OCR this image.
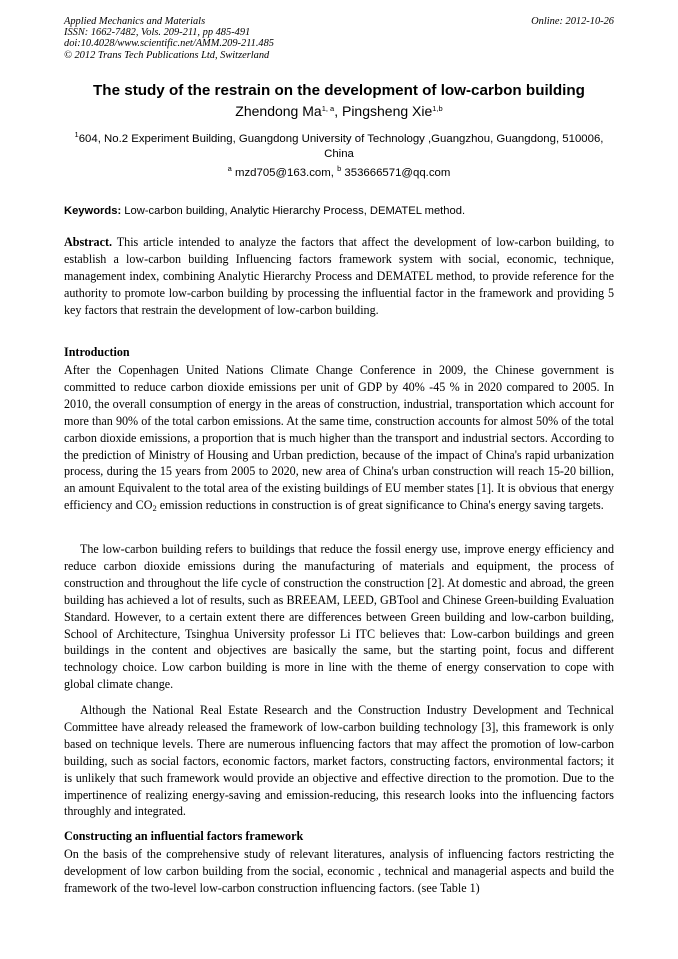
Applied Mechanics and Materials
ISSN: 1662-7482, Vols. 209-211, pp 485-491
doi:10.4028/www.scientific.net/AMM.209-211.485
© 2012 Trans Tech Publications Ltd, Switzerland
Online: 2012-10-26
The study of the restrain on the development of low-carbon building
Zhendong Ma$^{1, a}$, Pingsheng Xie$^{1,b}$
$^1$604, No.2 Experiment Building, Guangdong University of Technology ,Guangzhou, Guangdong, 510006, China
$^a$ mzd705@163.com, $^b$ 353666571@qq.com
Keywords: Low-carbon building, Analytic Hierarchy Process, DEMATEL method.

Abstract. This article intended to analyze the factors that affect the development of low-carbon building, to establish a low-carbon building Influencing factors framework system with social, economic, technique, management index, combining Analytic Hierarchy Process and DEMATEL method, to provide reference for the authority to promote low-carbon building by processing the influential factor in the framework and providing 5 key factors that restrain the development of low-carbon building.

Introduction

After the Copenhagen United Nations Climate Change Conference in 2009, the Chinese government is committed to reduce carbon dioxide emissions per unit of GDP by 40% -45 % in 2020 compared to 2005. In 2010, the overall consumption of energy in the areas of construction, industrial, transportation which account for more than 90% of the total carbon emissions. At the same time, construction accounts for almost 50% of the total carbon dioxide emissions, a proportion that is much higher than the transport and industrial sectors. According to the prediction of Ministry of Housing and Urban prediction, because of the impact of China's rapid urbanization process, during the 15 years from 2005 to 2020, new area of China's urban construction will reach 15-20 billion, an amount Equivalent to the total area of the existing buildings of EU member states [1]. It is obvious that energy efficiency and $CO_2$ emission reductions in construction is of great significance to China's energy saving targets.

The low-carbon building refers to buildings that reduce the fossil energy use, improve energy efficiency and reduce carbon dioxide emissions during the manufacturing of materials and equipment, the process of construction and throughout the life cycle of construction the construction [2]. At domestic and abroad, the green building has achieved a lot of results, such as BREEAM, LEED, GBTool and Chinese Green-building Evaluation Standard. However, to a certain extent there are differences between Green building and low-carbon building, School of Architecture, Tsinghua University professor Li ITC believes that: Low-carbon buildings and green buildings in the content and objectives are basically the same, but the starting point, focus and different technology choice. Low carbon building is more in line with the theme of energy conservation to cope with global climate change.

Although the National Real Estate Research and the Construction Industry Development and Technical Committee have already released the framework of low-carbon building technology [3], this framework is only based on technique levels. There are numerous influencing factors that may affect the promotion of low-carbon building, such as social factors, economic factors, market factors, constructing factors, environmental factors; it is unlikely that such framework would provide an objective and effective direction to the promotion. Due to the impertinence of realizing energy-saving and emission-reducing, this research looks into the influencing factors throughly and integrated.

Constructing an influential factors framework

On the basis of the comprehensive study of relevant literatures, analysis of influencing factors restricting the development of low carbon building from the social, economic , technical and managerial aspects and build the framework of the two-level low-carbon construction influencing factors. (see Table 1)
